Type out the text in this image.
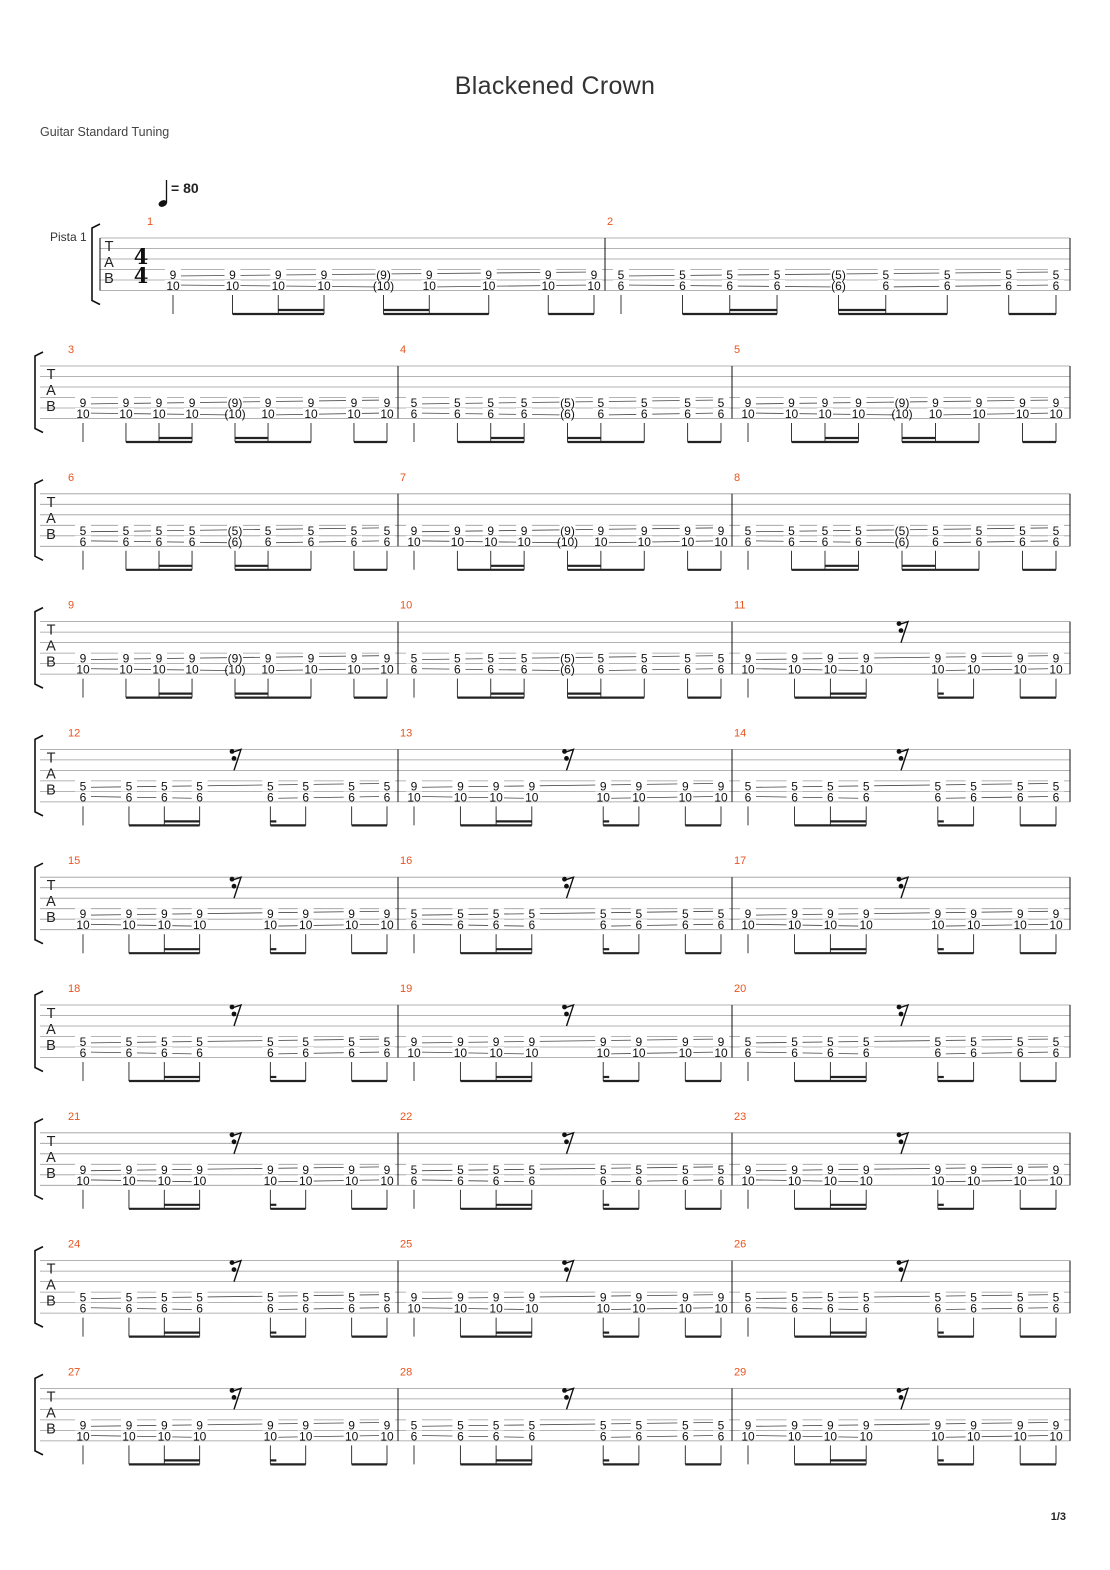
Blackened Crown
Guitar Standard Tuning
= 80
Pista 1
1/3
T
A
B
4
4
1
9
10
9
10
9
10
9
10
(9)
(10)
9
10
9
10
9
10
9
10
2
5
6
5
6
5
6
5
6
(5)
(6)
5
6
5
6
5
6
5
6
T
A
B
3
9
10
9
10
9
10
9
10
(9)
(10)
9
10
9
10
9
10
9
10
4
5
6
5
6
5
6
5
6
(5)
(6)
5
6
5
6
5
6
5
6
5
9
10
9
10
9
10
9
10
(9)
(10)
9
10
9
10
9
10
9
10
T
A
B
6
5
6
5
6
5
6
5
6
(5)
(6)
5
6
5
6
5
6
5
6
7
9
10
9
10
9
10
9
10
(9)
(10)
9
10
9
10
9
10
9
10
8
5
6
5
6
5
6
5
6
(5)
(6)
5
6
5
6
5
6
5
6
T
A
B
9
9
10
9
10
9
10
9
10
(9)
(10)
9
10
9
10
9
10
9
10
10
5
6
5
6
5
6
5
6
(5)
(6)
5
6
5
6
5
6
5
6
11
9
10
9
10
9
10
9
10
9
10
9
10
9
10
9
10
T
A
B
12
5
6
5
6
5
6
5
6
5
6
5
6
5
6
5
6
13
9
10
9
10
9
10
9
10
9
10
9
10
9
10
9
10
14
5
6
5
6
5
6
5
6
5
6
5
6
5
6
5
6
T
A
B
15
9
10
9
10
9
10
9
10
9
10
9
10
9
10
9
10
16
5
6
5
6
5
6
5
6
5
6
5
6
5
6
5
6
17
9
10
9
10
9
10
9
10
9
10
9
10
9
10
9
10
T
A
B
18
5
6
5
6
5
6
5
6
5
6
5
6
5
6
5
6
19
9
10
9
10
9
10
9
10
9
10
9
10
9
10
9
10
20
5
6
5
6
5
6
5
6
5
6
5
6
5
6
5
6
T
A
B
21
9
10
9
10
9
10
9
10
9
10
9
10
9
10
9
10
22
5
6
5
6
5
6
5
6
5
6
5
6
5
6
5
6
23
9
10
9
10
9
10
9
10
9
10
9
10
9
10
9
10
T
A
B
24
5
6
5
6
5
6
5
6
5
6
5
6
5
6
5
6
25
9
10
9
10
9
10
9
10
9
10
9
10
9
10
9
10
26
5
6
5
6
5
6
5
6
5
6
5
6
5
6
5
6
T
A
B
27
9
10
9
10
9
10
9
10
9
10
9
10
9
10
9
10
28
5
6
5
6
5
6
5
6
5
6
5
6
5
6
5
6
29
9
10
9
10
9
10
9
10
9
10
9
10
9
10
9
10
